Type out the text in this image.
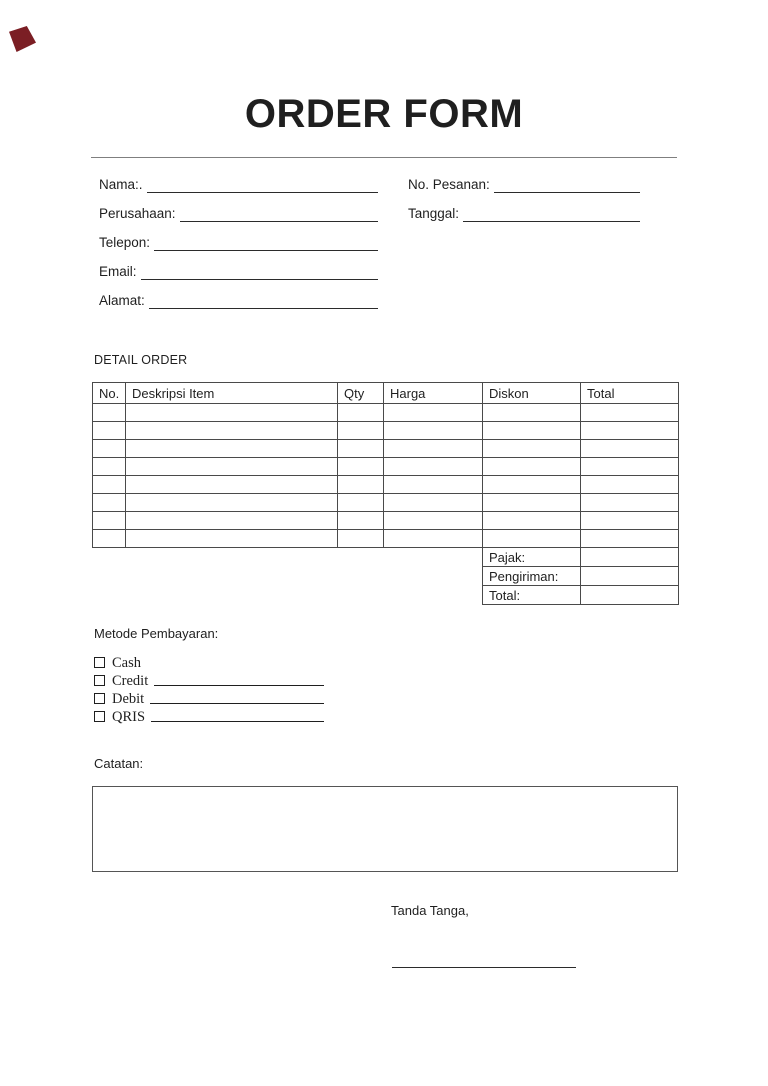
ORDER FORM
Nama:.
Perusahaan:
Telepon:
Email:
Alamat:
No. Pesanan:
Tanggal:
DETAIL ORDER
No.	Deskripsi Item	Qty	Harga	Diskon	Total

Pajak:	
Pengiriman:	
Total:	
Metode Pembayaran:
Cash
Credit
Debit
QRIS
Catatan:
Tanda Tanga,
